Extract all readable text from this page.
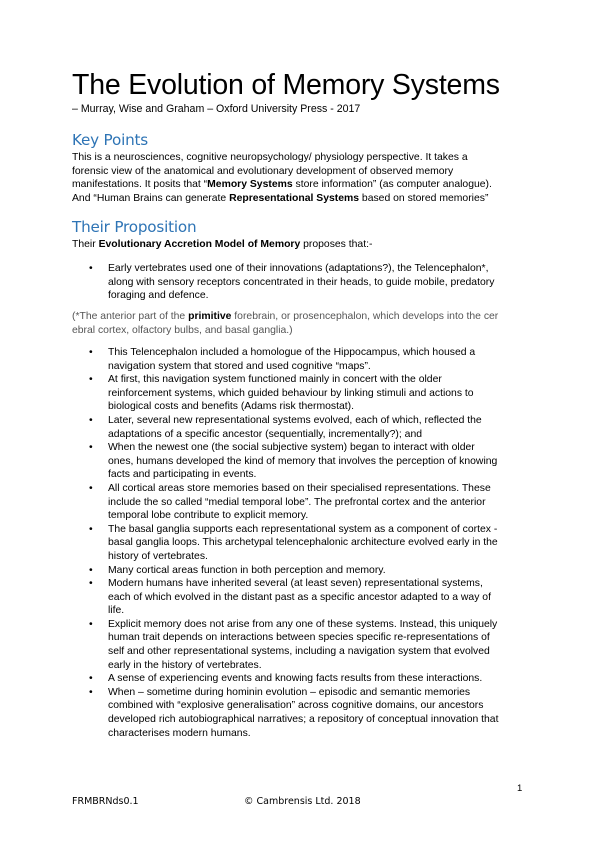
The Evolution of Memory Systems
– Murray, Wise and Graham – Oxford University Press - 2017
Key Points
This is a neurosciences, cognitive neuropsychology/ physiology perspective. It takes a
forensic view of the anatomical and evolutionary development of observed memory
manifestations. It posits that “Memory Systems store information” (as computer analogue).
And “Human Brains can generate Representational Systems based on stored memories”
Their Proposition
Their Evolutionary Accretion Model of Memory proposes that:-
• Early vertebrates used one of their innovations (adaptations?), the Telencephalon*,
along with sensory receptors concentrated in their heads, to guide mobile, predatory
foraging and defence.
(*The anterior part of the primitive forebrain, or prosencephalon, which develops into the cer
ebral cortex, olfactory bulbs, and basal ganglia.)
• This Telencephalon included a homologue of the Hippocampus, which housed a
navigation system that stored and used cognitive “maps”.
• At first, this navigation system functioned mainly in concert with the older
reinforcement systems, which guided behaviour by linking stimuli and actions to
biological costs and benefits (Adams risk thermostat).
• Later, several new representational systems evolved, each of which, reflected the
adaptations of a specific ancestor (sequentially, incrementally?); and
• When the newest one (the social subjective system) began to interact with older
ones, humans developed the kind of memory that involves the perception of knowing
facts and participating in events.
• All cortical areas store memories based on their specialised representations. These
include the so called “medial temporal lobe”. The prefrontal cortex and the anterior
temporal lobe contribute to explicit memory.
• The basal ganglia supports each representational system as a component of cortex -
basal ganglia loops. This archetypal telencephalonic architecture evolved early in the
history of vertebrates.
• Many cortical areas function in both perception and memory.
• Modern humans have inherited several (at least seven) representational systems,
each of which evolved in the distant past as a specific ancestor adapted to a way of
life.
• Explicit memory does not arise from any one of these systems. Instead, this uniquely
human trait depends on interactions between species specific re-representations of
self and other representational systems, including a navigation system that evolved
early in the history of vertebrates.
• A sense of experiencing events and knowing facts results from these interactions.
• When – sometime during hominin evolution – episodic and semantic memories
combined with “explosive generalisation” across cognitive domains, our ancestors
developed rich autobiographical narratives; a repository of conceptual innovation that
characterises modern humans.
1
FRMBRNds0.1	© Cambrensis Ltd. 2018
